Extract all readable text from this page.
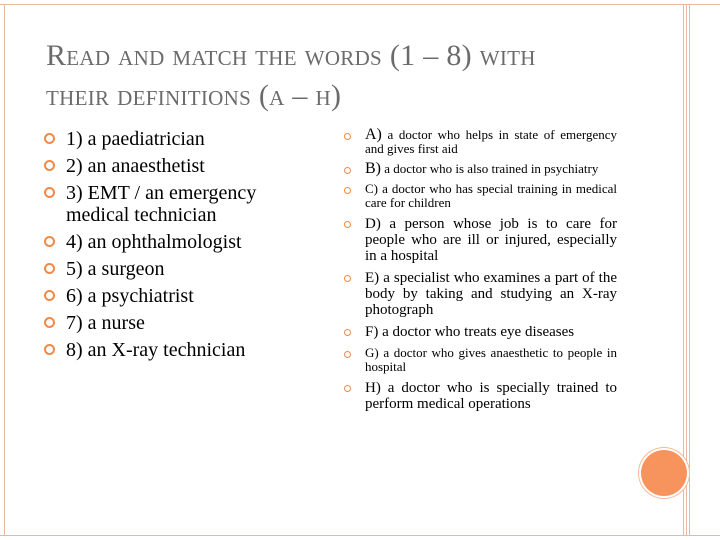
Read and match the words (1 – 8) with
their definitions (a – h)
1) a paediatrician
2) an anaesthetist
3) EMT / an emergency medical technician
4) an ophthalmologist
5) a surgeon
6) a psychiatrist
7) a nurse
8) an X-ray technician
A) a doctor who helps in state of emergency and gives first aid
B) a doctor who is also trained in psychiatry
C) a doctor who has special training in medical care for children
D) a person whose job is to care for people who are ill or injured, especially in a hospital
E) a specialist who examines a part of the body by taking and studying an X-ray photograph
F) a doctor who treats eye diseases
G) a doctor who gives anaesthetic to people in hospital
H) a doctor who is specially trained to perform medical operations
